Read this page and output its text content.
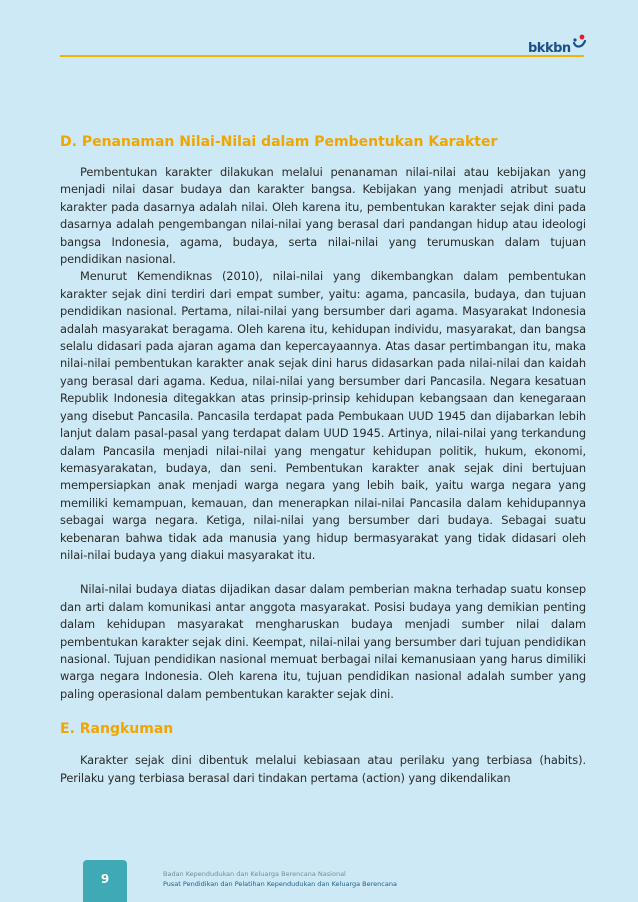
bkkbn
D. Penanaman Nilai-Nilai dalam Pembentukan Karakter

Pembentukan karakter dilakukan melalui penanaman nilai-nilai atau kebijakan yang menjadi nilai dasar budaya dan karakter bangsa. Kebijakan yang menjadi atribut suatu karakter pada dasarnya adalah nilai. Oleh karena itu, pembentukan karakter sejak dini pada dasarnya adalah pengembangan nilai-nilai yang berasal dari pandangan hidup atau ideologi bangsa Indonesia, agama, budaya, serta nilai-nilai yang terumuskan dalam tujuan pendidikan nasional.

Menurut Kemendiknas (2010), nilai-nilai yang dikembangkan dalam pembentukan karakter sejak dini terdiri dari empat sumber, yaitu: agama, pancasila, budaya, dan tujuan pendidikan nasional. Pertama, nilai-nilai yang bersumber dari agama. Masyarakat Indonesia adalah masyarakat beragama. Oleh karena itu, kehidupan individu, masyarakat, dan bangsa selalu didasari pada ajaran agama dan kepercayaannya. Atas dasar pertimbangan itu, maka nilai-nilai pembentukan karakter anak sejak dini harus didasarkan pada nilai-nilai dan kaidah yang berasal dari agama. Kedua, nilai-nilai yang bersumber dari Pancasila. Negara kesatuan Republik Indonesia ditegakkan atas prinsip-prinsip kehidupan kebangsaan dan kenegaraan yang disebut Pancasila. Pancasila terdapat pada Pembukaan UUD 1945 dan dijabarkan lebih lanjut dalam pasal-pasal yang terdapat dalam UUD 1945. Artinya, nilai-nilai yang terkandung dalam Pancasila menjadi nilai-nilai yang mengatur kehidupan politik, hukum, ekonomi, kemasyarakatan, budaya, dan seni. Pembentukan karakter anak sejak dini bertujuan mempersiapkan anak menjadi warga negara yang lebih baik, yaitu warga negara yang memiliki kemampuan, kemauan, dan menerapkan nilai-nilai Pancasila dalam kehidupannya sebagai warga negara. Ketiga, nilai-nilai yang bersumber dari budaya. Sebagai suatu kebenaran bahwa tidak ada manusia yang hidup bermasyarakat yang tidak didasari oleh nilai-nilai budaya yang diakui masyarakat itu.

Nilai-nilai budaya diatas dijadikan dasar dalam pemberian makna terhadap suatu konsep dan arti dalam komunikasi antar anggota masyarakat. Posisi budaya yang demikian penting dalam kehidupan masyarakat mengharuskan budaya menjadi sumber nilai dalam pembentukan karakter sejak dini. Keempat, nilai-nilai yang bersumber dari tujuan pendidikan nasional. Tujuan pendidikan nasional memuat berbagai nilai kemanusiaan yang harus dimiliki warga negara Indonesia. Oleh karena itu, tujuan pendidikan nasional adalah sumber yang paling operasional dalam pembentukan karakter sejak dini.

E. Rangkuman

Karakter sejak dini dibentuk melalui kebiasaan atau perilaku yang terbiasa (habits). Perilaku yang terbiasa berasal dari tindakan pertama (action) yang dikendalikan

9	Badan Kependudukan dan Keluarga Berencana Nasional
Pusat Pendidikan dan Pelatihan Kependudukan dan Keluarga Berencana
